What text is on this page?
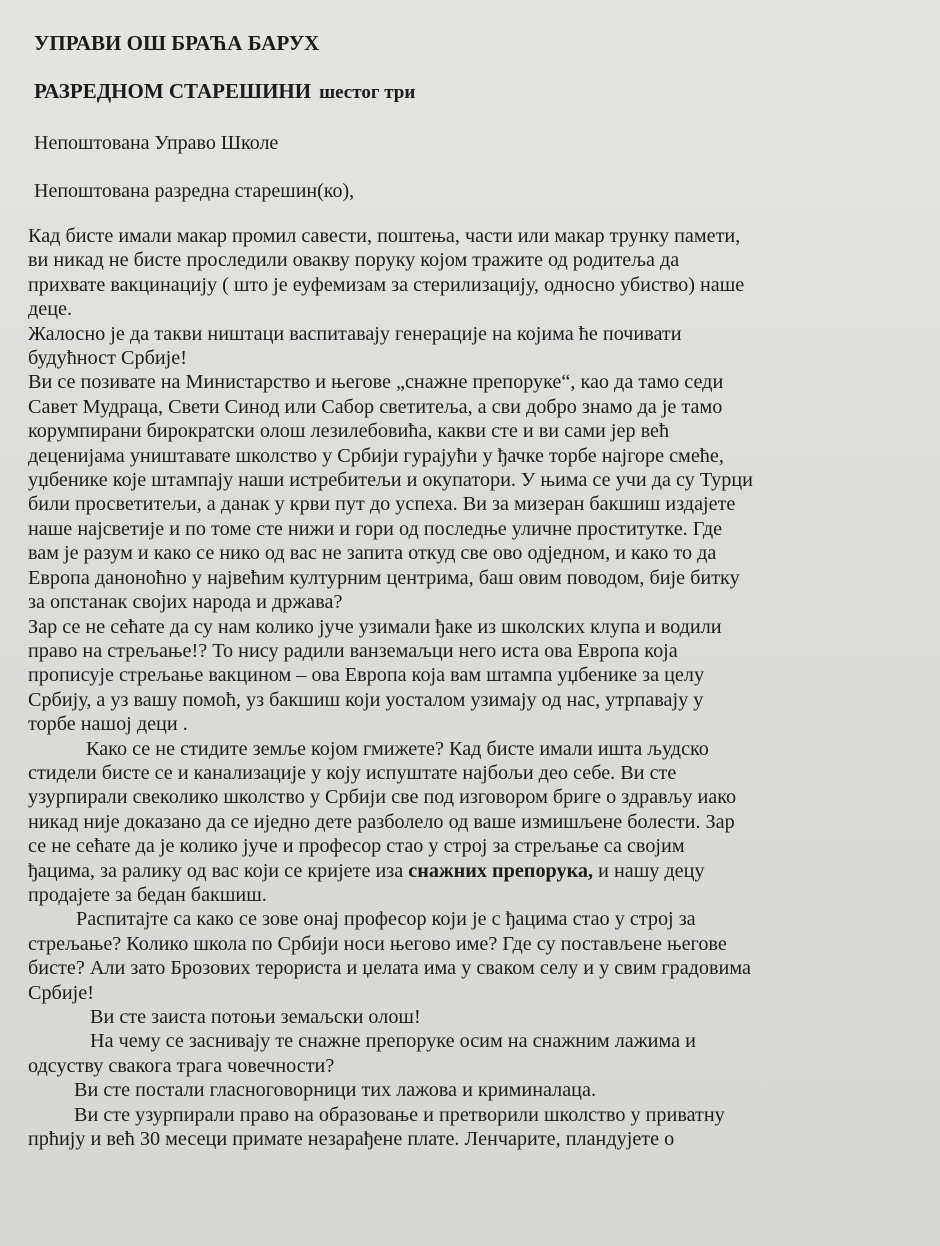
УПРАВИ ОШ БРАЋА БАРУХ

РАЗРЕДНОМ СТАРЕШИНИ шестог три

Непоштована Управо Школе

Непоштована разредна старешин(ко),

Кад бисте имали макар промил савести, поштења, части или макар трунку памети,
ви никад не бисте проследили овакву поруку којом тражите од родитеља да
прихвате вакцинацију ( што је еуфемизам за стерилизацију, односно убиство) наше
деце.
Жалосно је да такви ништаци васпитавају генерације на којима ће почивати
будућност Србије!
Ви се позивате на Министарство и његове „снажне препоруке“, као да тамо седи
Савет Мудраца, Свети Синод или Сабор светитеља, а сви добро знамо да је тамо
корумпирани бирократски олош лезилебовића, какви сте и ви сами јер већ
деценијама уништавате школство у Србији гурајући у ђачке торбе најгоре смеће,
уџбенике које штампају наши истребитељи и окупатори. У њима се учи да су Турци
били просветитељи, а данак у крви пут до успеха. Ви за мизеран бакшиш издајете
наше најсветије и по томе сте нижи и гори од последње уличне проститутке. Где
вам је разум и како се нико од вас не запита откуд све ово одједном, и како то да
Европа даноноћно у највећим културним центрима, баш овим поводом, бије битку
за опстанак својих народа и држава?
Зар се не сећате да су нам колико јуче узимали ђаке из школских клупа и водили
право на стрељање!? То нису радили ванземаљци него иста ова Европа која
прописује стрељање вакцином – ова Европа која вам штампа уџбенике за целу
Србију, а уз вашу помоћ, уз бакшиш који уосталом узимају од нас, утрпавају у
торбе нашој деци .
Како се не стидите земље којом гмижете? Кад бисте имали ишта људско
стидели бисте се и канализације у коју испуштате најбољи део себе. Ви сте
узурпирали свеколико школство у Србији све под изговором бриге о здрављу иако
никад није доказано да се иједно дете разболело од ваше измишљене болести. Зар
се не сећате да је колико јуче и професор стао у строј за стрељање са својим
ђацима, за ралику од вас који се кријете иза снажних препорука, и нашу децу
продајете за бедан бакшиш.
Распитајте са како се зове онај професор који је с ђацима стао у строј за
стрељање? Колико школа по Србији носи његово име? Где су постављене његове
бисте? Али зато Брозових терориста и џелата има у сваком селу и у свим градовима
Србије!
Ви сте заиста потоњи земаљски олош!
На чему се заснивају те снажне препоруке осим на снажним лажима и
одсуству свакога трага човечности?
Ви сте постали гласноговорници тих лажова и криминалаца.
Ви сте узурпирали право на образовање и претворили школство у приватну
прћију и већ 30 месеци примате незарађене плате. Ленчарите, пландујете о
